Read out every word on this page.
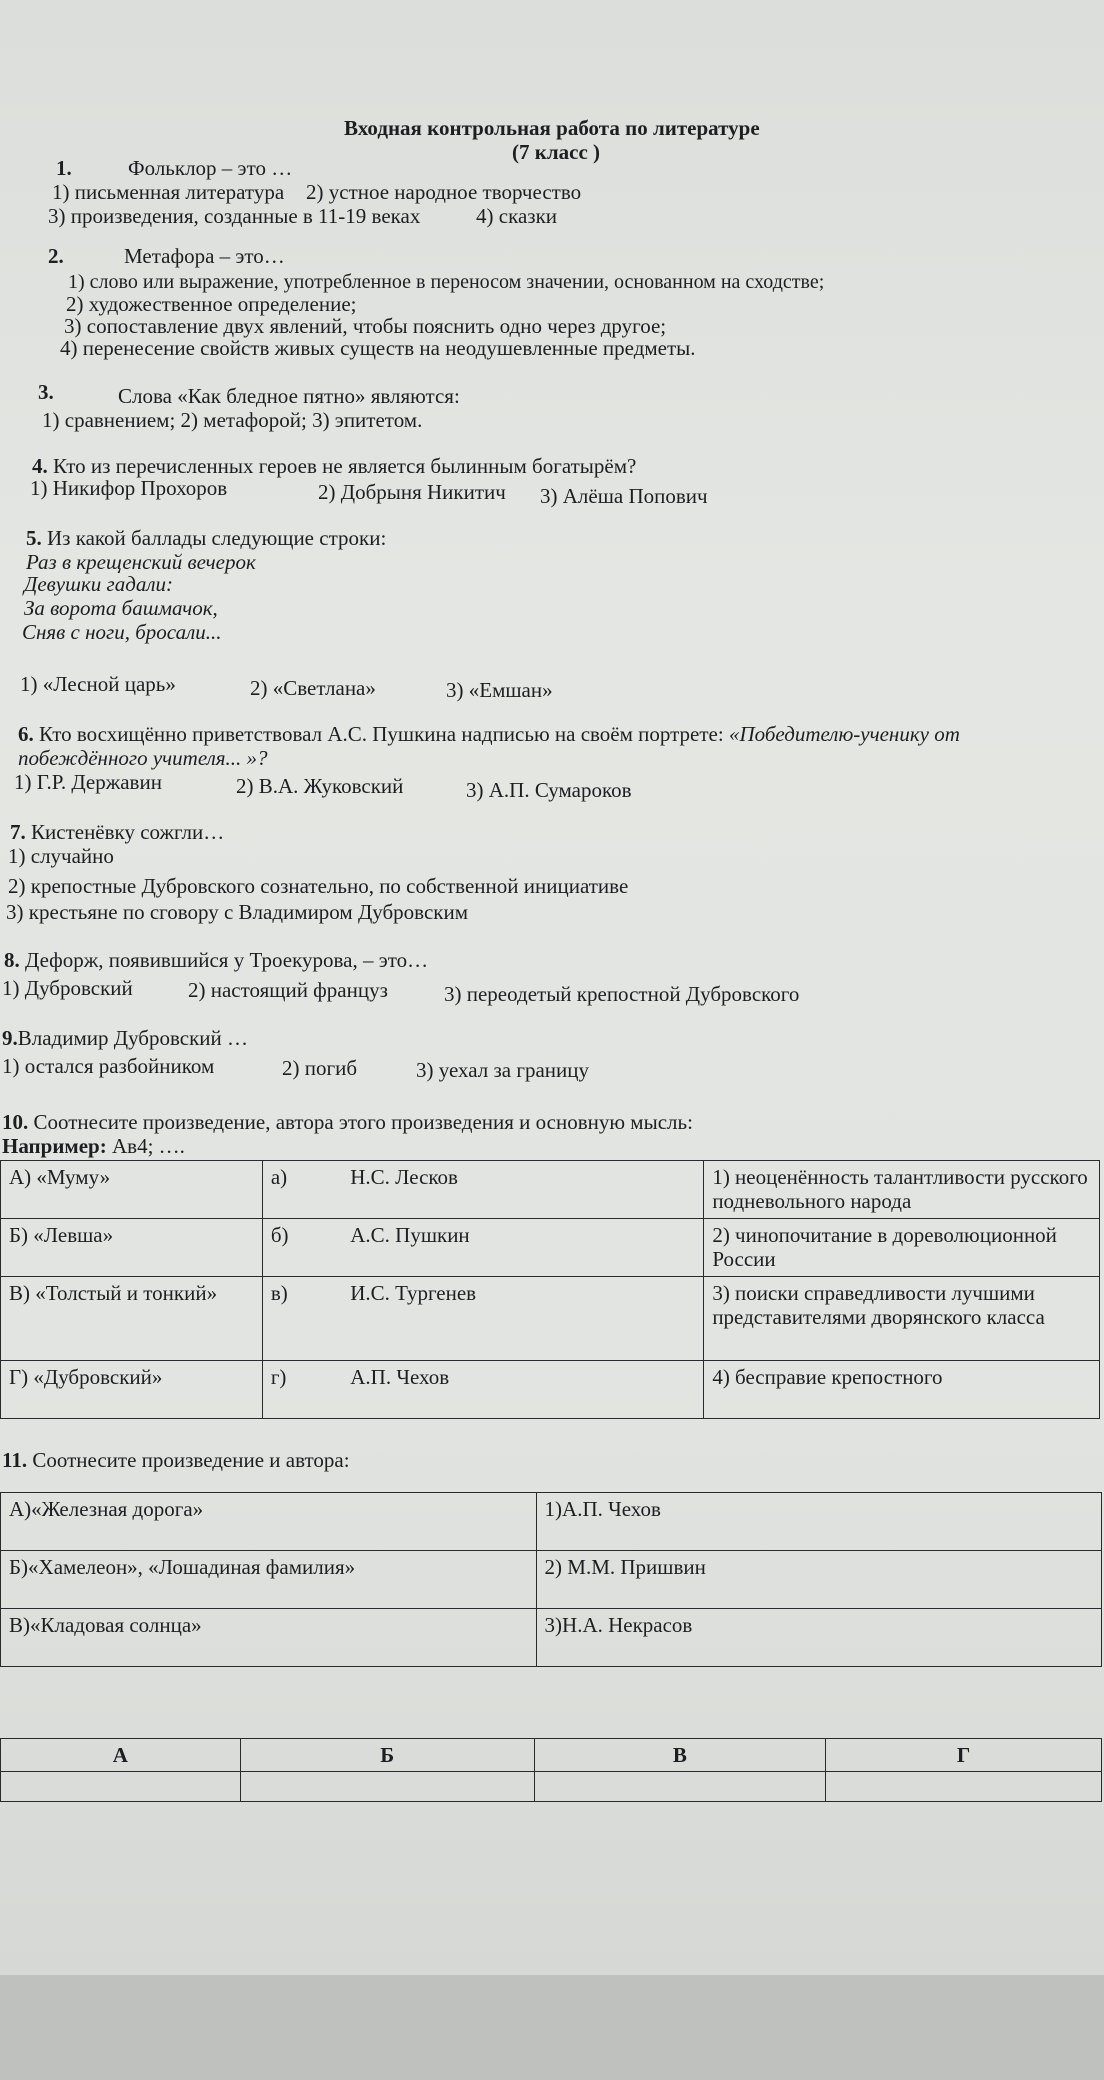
Входная контрольная работа по литературе
(7 класс )
1.	Фольклор – это …
1) письменная литература 2) устное народное творчество
3) произведения, созданные в 11-19 веках	4) сказки
2.	Метафора – это…
1) слово или выражение, употребленное в переносом значении, основанном на сходстве;
2) художественное определение;
3) сопоставление двух явлений, чтобы пояснить одно через другое;
4) перенесение свойств живых существ на неодушевленные предметы.
3.	Слова «Как бледное пятно» являются:
1) сравнением; 2) метафорой; 3) эпитетом.
4. Кто из перечисленных героев не является былинным богатырём?
1) Никифор Прохоров	2) Добрыня Никитич 3) Алёша Попович
5. Из какой баллады следующие строки:
Раз в крещенский вечерок
Девушки гадали:
За ворота башмачок,
Сняв с ноги, бросали...
1) «Лесной царь»	2) «Светлана»	3) «Емшан»
6. Кто восхищённо приветствовал А.С. Пушкина надписью на своём портрете: «Победителю-ученику от
побеждённого учителя... »?
1) Г.Р. Державин	2) В.А. Жуковский	3) А.П. Сумароков
7. Кистенёвку сожгли…
1) случайно
2) крепостные Дубровского сознательно, по собственной инициативе
3) крестьяне по сговору с Владимиром Дубровским
8. Дефорж, появившийся у Троекурова, – это…
1) Дубровский	2) настоящий француз	3) переодетый крепостной Дубровского
9.Владимир Дубровский …
1) остался разбойником	2) погиб	3) уехал за границу
10. Соотнесите произведение, автора этого произведения и основную мысль:
Например: Ав4; ….
А) «Муму»	а)	Н.С. Лесков	1) неоценённость талантливости русского подневольного народа
Б) «Левша»	б)	А.С. Пушкин	2) чинопочитание в дореволюционной России
В) «Толстый и тонкий»	в)	И.С. Тургенев	3) поиски справедливости лучшими представителями дворянского класса
Г) «Дубровский»	г)	А.П. Чехов	4) бесправие крепостного
11. Соотнесите произведение и автора:
А)«Железная дорога»	1)А.П. Чехов
Б)«Хамелеон», «Лошадиная фамилия»	2) М.М. Пришвин
В)«Кладовая солнца»	3)Н.А. Некрасов
А	Б	В	Г
